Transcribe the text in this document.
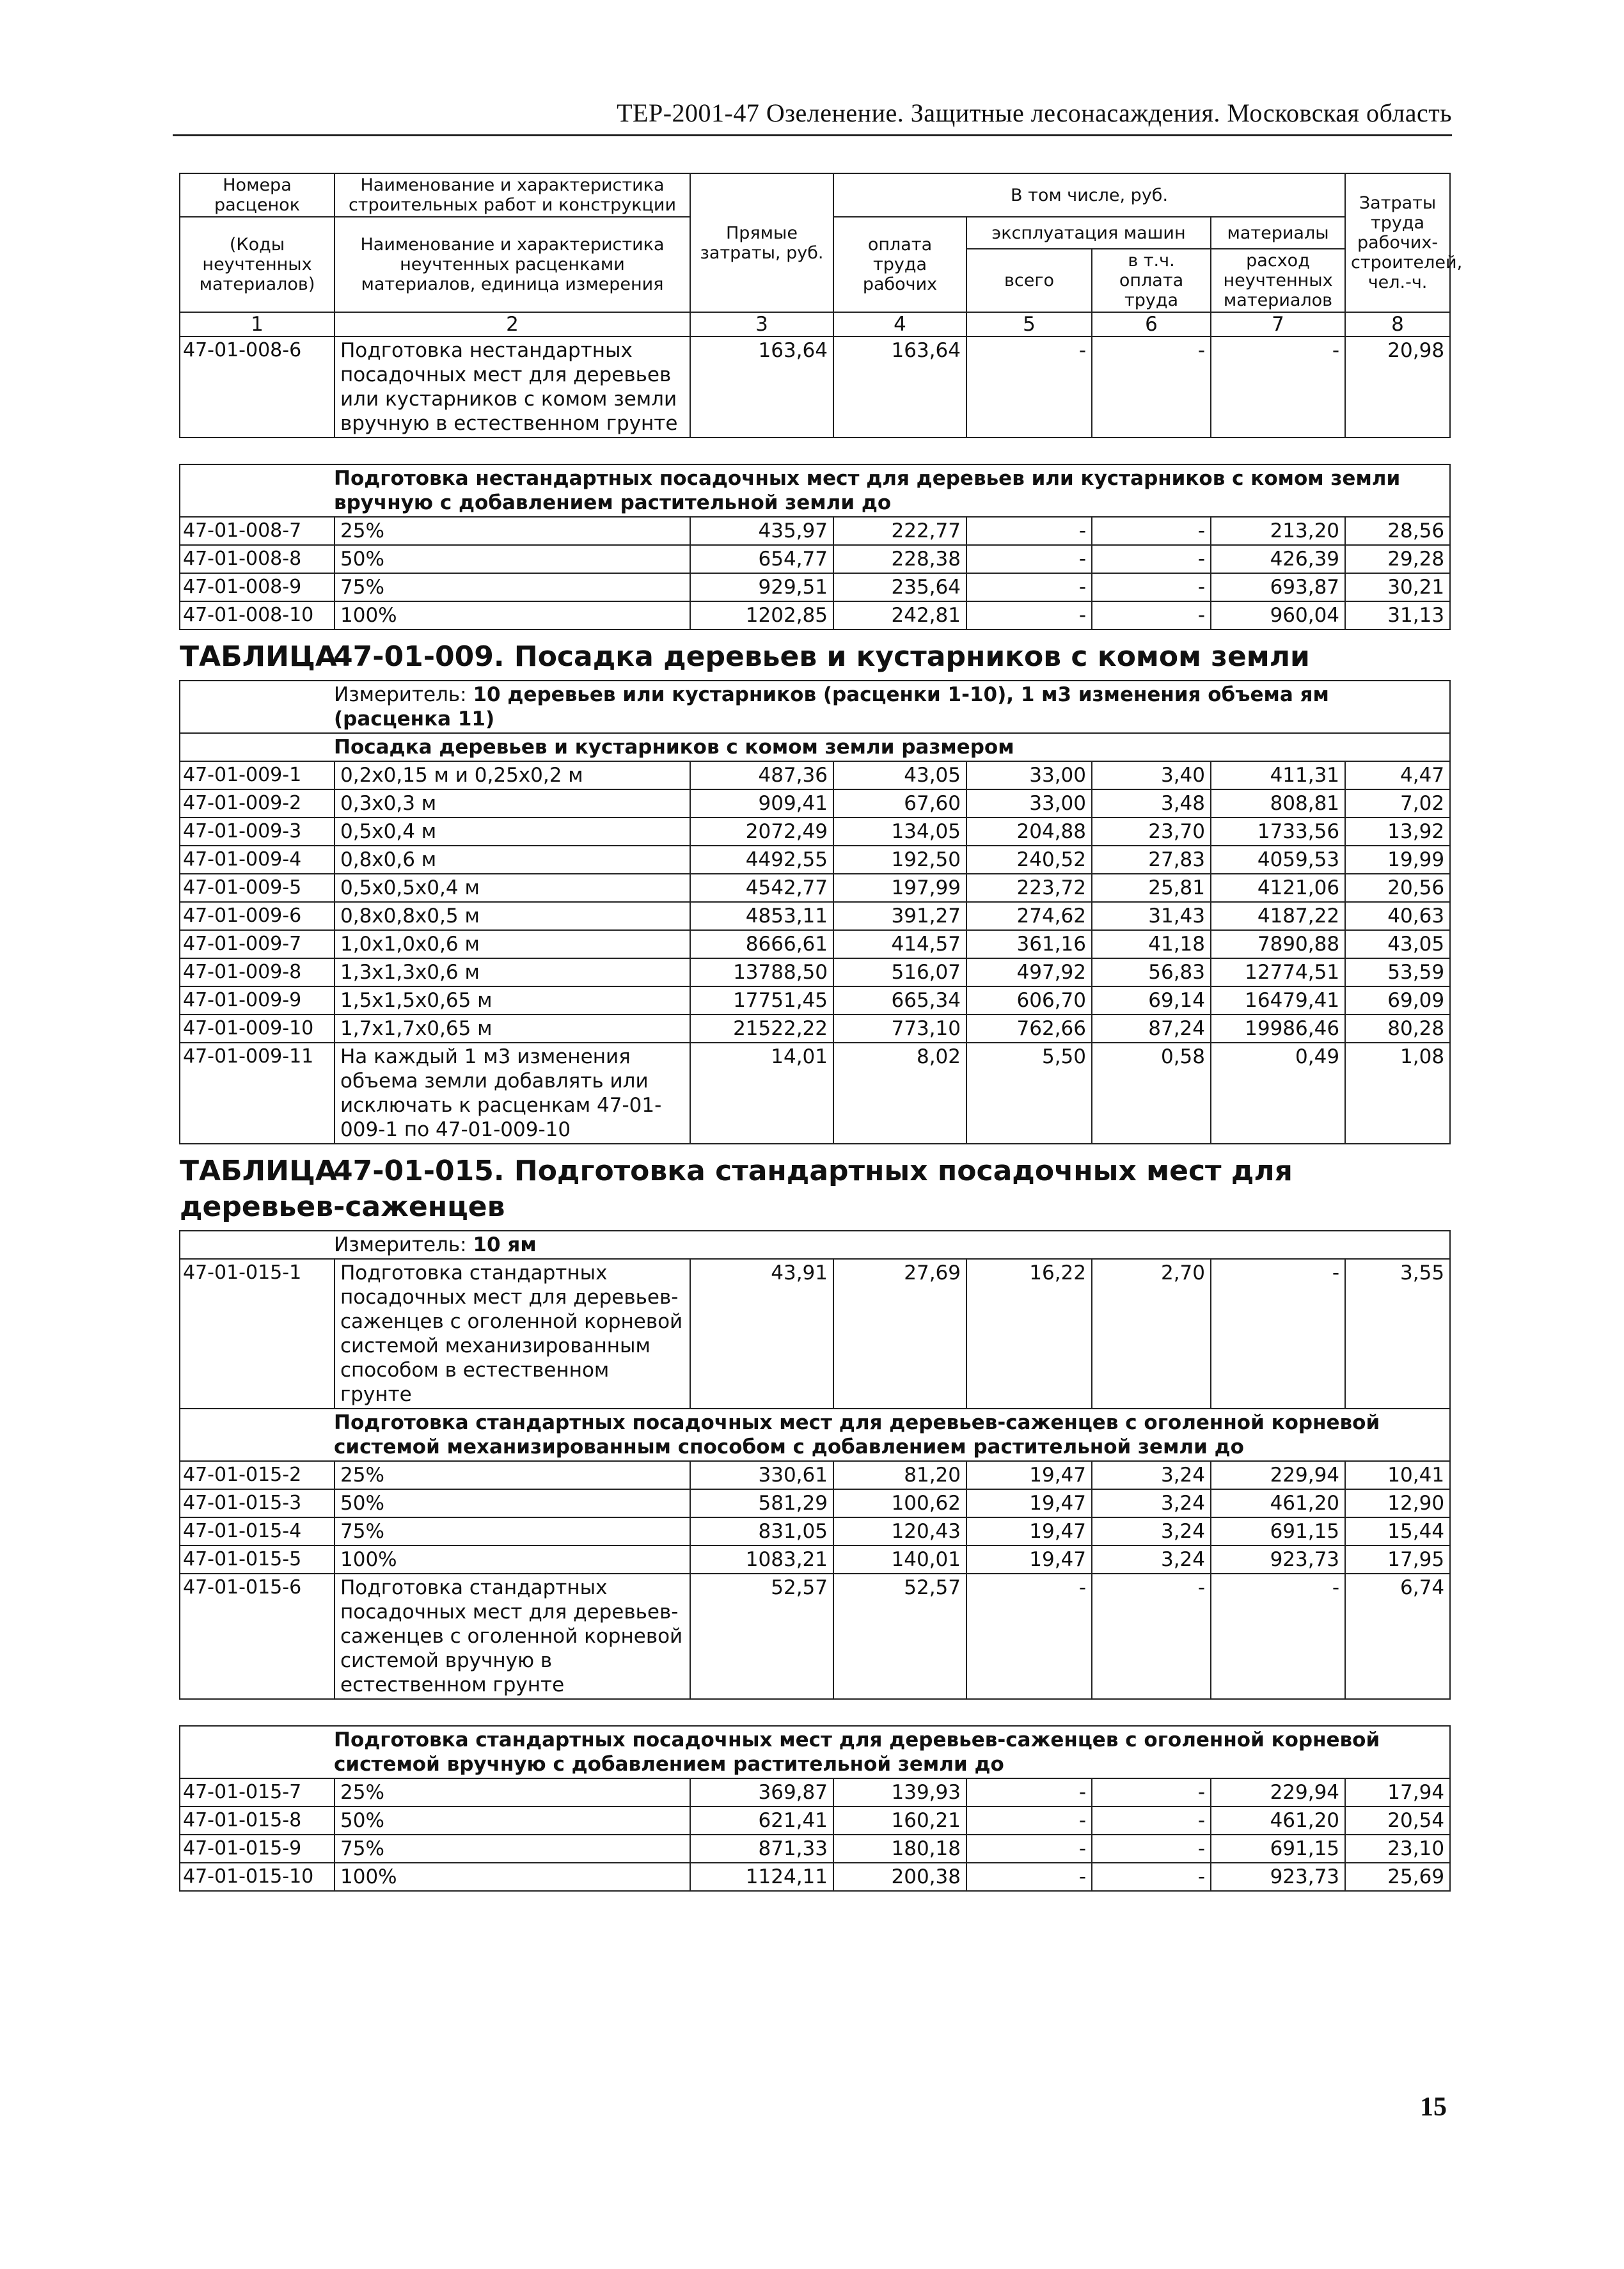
ТЕР-2001-47 Озеленение. Защитные лесонасаждения. Московская область
Номера расценок	Наименование и характеристика строительных работ и конструкции	Прямые затраты, руб.	В том числе, руб.				Затраты труда рабочих-строителей, чел.-ч.
(Коды неучтенных материалов)	Наименование и характеристика неучтенных расценками материалов, единица измерения		оплата труда рабочих	эксплуатация машин		материалы	
				всего	в т.ч. оплата труда	расход неучтенных материалов	
1	2	3	4	5	6	7	8
47-01-008-6	Подготовка нестандартных посадочных мест для деревьев или кустарников с комом земли вручную в естественном грунте	163,64	163,64	-	-	-	20,98

Подготовка нестандартных посадочных мест для деревьев или кустарников с комом земли вручную с добавлением растительной земли до							
47-01-008-7	25%	435,97	222,77	-	-	213,20	28,56
47-01-008-8	50%	654,77	228,38	-	-	426,39	29,28
47-01-008-9	75%	929,51	235,64	-	-	693,87	30,21
47-01-008-10	100%	1202,85	242,81	-	-	960,04	31,13

ТАБЛИЦА47-01-009. Посадка деревьев и кустарников с комом земли							

Измеритель: 10 деревьев или кустарников (расценки 1-10), 1 м3 изменения объема ям (расценка 11)							
Посадка деревьев и кустарников с комом земли размером							
47-01-009-1	0,2х0,15 м и 0,25х0,2 м	487,36	43,05	33,00	3,40	411,31	4,47
47-01-009-2	0,3х0,3 м	909,41	67,60	33,00	3,48	808,81	7,02
47-01-009-3	0,5х0,4 м	2072,49	134,05	204,88	23,70	1733,56	13,92
47-01-009-4	0,8х0,6 м	4492,55	192,50	240,52	27,83	4059,53	19,99
47-01-009-5	0,5х0,5х0,4 м	4542,77	197,99	223,72	25,81	4121,06	20,56
47-01-009-6	0,8х0,8х0,5 м	4853,11	391,27	274,62	31,43	4187,22	40,63
47-01-009-7	1,0х1,0х0,6 м	8666,61	414,57	361,16	41,18	7890,88	43,05
47-01-009-8	1,3х1,3х0,6 м	13788,50	516,07	497,92	56,83	12774,51	53,59
47-01-009-9	1,5х1,5х0,65 м	17751,45	665,34	606,70	69,14	16479,41	69,09
47-01-009-10	1,7х1,7х0,65 м	21522,22	773,10	762,66	87,24	19986,46	80,28
47-01-009-11	На каждый 1 м3 изменения объема земли добавлять или исключать к расценкам 47-01-009-1 по 47-01-009-10	14,01	8,02	5,50	0,58	0,49	1,08

ТАБЛИЦА47-01-015. Подготовка стандартных посадочных мест для деревьев-саженцев							

Измеритель: 10 ям							
47-01-015-1	Подготовка стандартных посадочных мест для деревьев-саженцев с оголенной корневой системой механизированным способом в естественном грунте	43,91	27,69	16,22	2,70	-	3,55
Подготовка стандартных посадочных мест для деревьев-саженцев с оголенной корневой системой механизированным способом с добавлением растительной земли до							
47-01-015-2	25%	330,61	81,20	19,47	3,24	229,94	10,41
47-01-015-3	50%	581,29	100,62	19,47	3,24	461,20	12,90
47-01-015-4	75%	831,05	120,43	19,47	3,24	691,15	15,44
47-01-015-5	100%	1083,21	140,01	19,47	3,24	923,73	17,95
47-01-015-6	Подготовка стандартных посадочных мест для деревьев-саженцев с оголенной корневой системой вручную в естественном грунте	52,57	52,57	-	-	-	6,74

Подготовка стандартных посадочных мест для деревьев-саженцев с оголенной корневой системой вручную с добавлением растительной земли до							
47-01-015-7	25%	369,87	139,93	-	-	229,94	17,94
47-01-015-8	50%	621,41	160,21	-	-	461,20	20,54
47-01-015-9	75%	871,33	180,18	-	-	691,15	23,10
47-01-015-10	100%	1124,11	200,38	-	-	923,73	25,69
15
